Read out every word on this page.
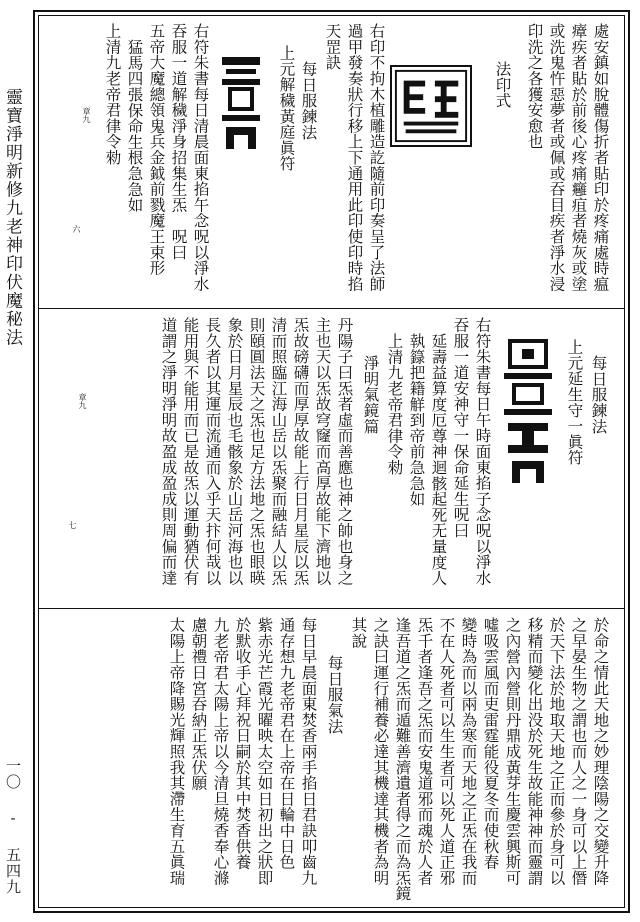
靈寶淨明新修九老神印伏魔秘法
一〇 - 五四九
處安鎮如脫體傷折者貼印於疼痛處時瘟
瘴疾者貼於前後心疼痛癰疽者燒灰或塗
或洗鬼忤惡夢者或佩或吞目疾者淨水浸
印洗之各獲安愈也
法印式
右印不拘木植雕造訖隨前印奏呈了法師
過甲發奏狀行移上下通用此印使印時掐
天罡訣
每日服鍊法
上元解穢黃庭眞符
右符朱書每日清晨面東掐午念呪以淨水
吞服一道解穢淨身招集生炁　呪曰
五帝大魔總領鬼兵金鉞前戮魔王束形
猛馬四張保命生根急急如
上清九老帝君律令勑
六
章九
每日服鍊法
上元延生守一眞符
右符朱書每日午時面東掐子念呪以淨水
吞服一道安神守一保命延生呪曰
延壽益算度厄尊神迴骸起死无量度人
執籙把籍觧到帝前急急如
上清九老帝君律令勑
淨明氣鏡篇
丹陽子曰炁者虛而善應也神之帥也身之
主也天以炁故穹窿而高厚故能下濟地以
炁故磅礴而厚厚故能上行日月星辰以炁
清而照臨江海山岳以炁聚而融結人以炁
則頤圓法天之炁也足方法地之炁也眼暎
象於日月星辰也毛骸象於山岳河海也以
長久者以其運而流通而入乎天抃何哉以
能用與不能用而已是故炁以運動猶伏有
道謂之淨明淨明故盈成盈成則周偏而達
七
章九
於命之情此天地之妙理陰陽之交變升降
之早晏生物之謂也而人之一身可以上僭
於天下法於地取天地之正而參於身可以
移精而變化出没於死生故能神神而靈謂
之內營內營則丹鼎成黃芽生慶雲興斯可
噓吸雲風而吏雷霆能役夏冬而使秋春
變時為而以兩為寒而天地之正炁在我而
不在人死者可以生生者可以死人道正邪
炁千者逢吾之炁而安鬼道邪而魂於人者
逢吾道之炁而遁難善濟遺者得之而為炁鏡
之訣曰運行補養必達其機達其機者為明
其說
每日服氣法
每日早晨面東焚香兩手掐日君訣叩齒九
通存想九老帝君在上帝在日輪中日色
紫赤光芒霞光曜映太空如日初出之狀即
於默收手心拜祝日嗣於其中焚香供養
九老帝君太陽上帝以今清旦燒香奉心滌
慮朝禮日宮吞納正炁伏願
太陽上帝降賜光輝照我其滯生育五眞瑞
